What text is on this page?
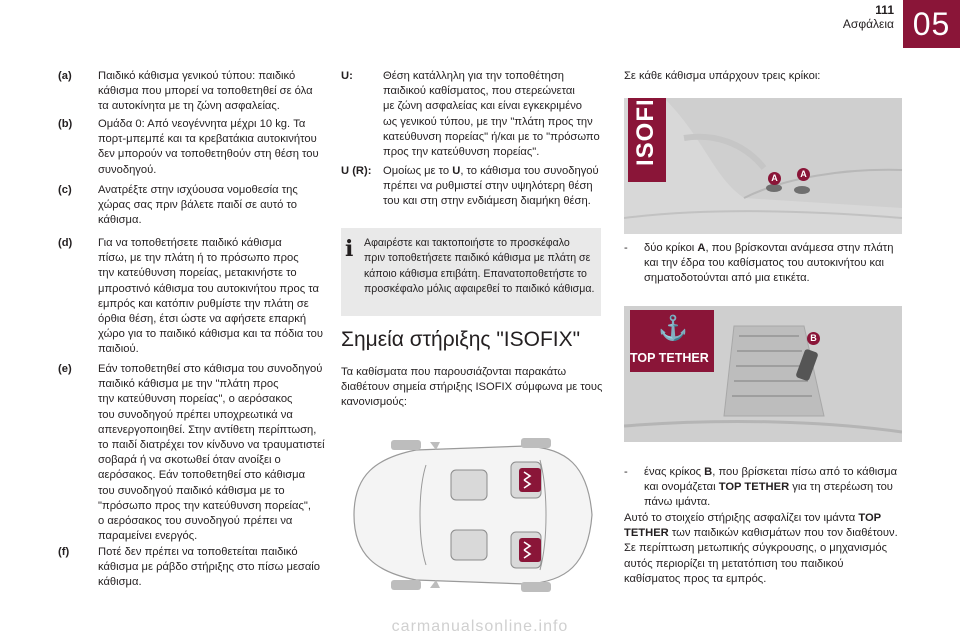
111
Ασφάλεια 05
(a) Παιδικό κάθισμα γενικού τύπου: παιδικό
κάθισμα που μπορεί να τοποθετηθεί σε όλα
τα αυτοκίνητα με τη ζώνη ασφαλείας.
(b) Ομάδα 0: Από νεογέννητα μέχρι 10 kg. Τα
πορτ-μπεμπέ και τα κρεβατάκια αυτοκινήτου
δεν μπορούν να τοποθετηθούν στη θέση του
συνοδηγού.
(c) Ανατρέξτε στην ισχύουσα νομοθεσία της
χώρας σας πριν βάλετε παιδί σε αυτό το
κάθισμα.
(d) Για να τοποθετήσετε παιδικό κάθισμα
πίσω, με την πλάτη ή το πρόσωπο προς
την κατεύθυνση πορείας, μετακινήστε το
μπροστινό κάθισμα του αυτοκινήτου προς τα
εμπρός και κατόπιν ρυθμίστε την πλάτη σε
όρθια θέση, έτσι ώστε να αφήσετε επαρκή
χώρο για το παιδικό κάθισμα και τα πόδια του
παιδιού.
(e) Εάν τοποθετηθεί στο κάθισμα του συνοδηγού
παιδικό κάθισμα με την "πλάτη προς
την κατεύθυνση πορείας", ο αερόσακος
του συνοδηγού πρέπει υποχρεωτικά να
απενεργοποιηθεί. Στην αντίθετη περίπτωση,
το παιδί διατρέχει τον κίνδυνο να τραυματιστεί
σοβαρά ή να σκοτωθεί όταν ανοίξει ο
αερόσακος. Εάν τοποθετηθεί στο κάθισμα
του συνοδηγού παιδικό κάθισμα με το
"πρόσωπο προς την κατεύθυνση πορείας",
ο αερόσακος του συνοδηγού πρέπει να
παραμείνει ενεργός.
(f)	Ποτέ δεν πρέπει να τοποθετείται παιδικό
κάθισμα με ράβδο στήριξης στο πίσω μεσαίο
κάθισμα.
U:	Θέση κατάλληλη για την τοποθέτηση
παιδικού καθίσματος, που στερεώνεται
με ζώνη ασφαλείας και είναι εγκεκριμένο
ως γενικού τύπου, με την "πλάτη προς την
κατεύθυνση πορείας" ή/και με το "πρόσωπο
προς την κατεύθυνση πορείας".
U (R): Ομοίως με το U, το κάθισμα του συνοδηγού
πρέπει να ρυθμιστεί στην υψηλότερη θέση
του και στη στην ενδιάμεση διαμήκη θέση.
i Αφαιρέστε και τακτοποιήστε το προσκέφαλο
πριν τοποθετήσετε παιδικό κάθισμα με πλάτη σε
κάποιο κάθισμα επιβάτη. Επανατοποθετήστε το
προσκέφαλο μόλις αφαιρεθεί το παιδικό κάθισμα.
Σημεία στήριξης "ISOFIX"
Τα καθίσματα που παρουσιάζονται παρακάτω
διαθέτουν σημεία στήριξης ISOFIX σύμφωνα με τους
κανονισμούς:
Σε κάθε κάθισμα υπάρχουν τρεις κρίκοι:
ISOFIX
A	A
- δύο κρίκοι A, που βρίσκονται ανάμεσα στην πλάτη
και την έδρα του καθίσματος του αυτοκινήτου και
σηματοδοτούνται από μια ετικέτα.
⚓
TOP TETHER
B
- ένας κρίκος B, που βρίσκεται πίσω από το κάθισμα
και ονομάζεται TOP TETHER για τη στερέωση του
πάνω ιμάντα.
Αυτό το στοιχείο στήριξης ασφαλίζει τον ιμάντα TOP
TETHER των παιδικών καθισμάτων που τον διαθέτουν.
Σε περίπτωση μετωπικής σύγκρουσης, ο μηχανισμός
αυτός περιορίζει τη μετατόπιση του παιδικού
καθίσματος προς τα εμπρός.
carmanualsonline.info
